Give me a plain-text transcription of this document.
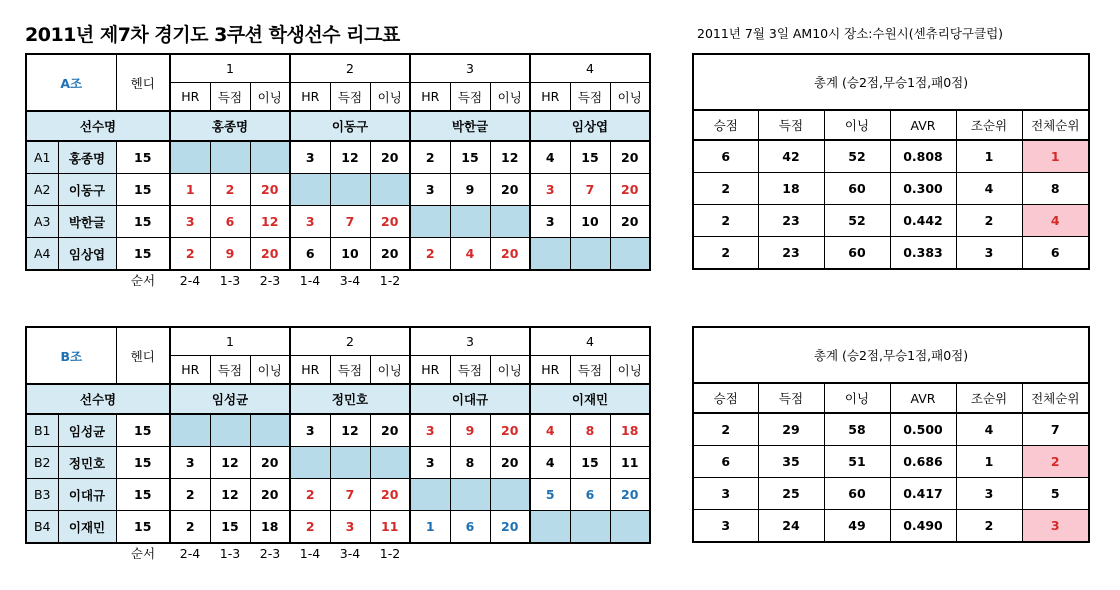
2011년 제7차 경기도 3쿠션 학생선수 리그표	2011년 7월 3일 AM10시 장소:수원시(센츄리당구클럽)
A조		헨디	1			2			3			4		
			HR	득점	이닝	HR	득점	이닝	HR	득점	이닝	HR	득점	이닝
선수명			홍종명			이동구			박한글			임상엽		
A1	홍종명	15				3	12	20	2	15	12	4	15	20
A2	이동구	15	1	2	20				3	9	20	3	7	20
A3	박한글	15	3	6	12	3	7	20				3	10	20
A4	임상엽	15	2	9	20	6	10	20	2	4	20			
		순서	2-4	1-3	2-3	1-4	3-4	1-2						
총계 (승2점,무승1점,패0점)					
승점	득점	이닝	AVR	조순위	전체순위
6	42	52	0.808	1	1
2	18	60	0.300	4	8
2	23	52	0.442	2	4
2	23	60	0.383	3	6
B조		헨디	1			2			3			4		
			HR	득점	이닝	HR	득점	이닝	HR	득점	이닝	HR	득점	이닝
선수명			임성균			정민호			이대규			이재민		
B1	임성균	15				3	12	20	3	9	20	4	8	18
B2	정민호	15	3	12	20				3	8	20	4	15	11
B3	이대규	15	2	12	20	2	7	20				5	6	20
B4	이재민	15	2	15	18	2	3	11	1	6	20			
		순서	2-4	1-3	2-3	1-4	3-4	1-2						
총계 (승2점,무승1점,패0점)					
승점	득점	이닝	AVR	조순위	전체순위
2	29	58	0.500	4	7
6	35	51	0.686	1	2
3	25	60	0.417	3	5
3	24	49	0.490	2	3
